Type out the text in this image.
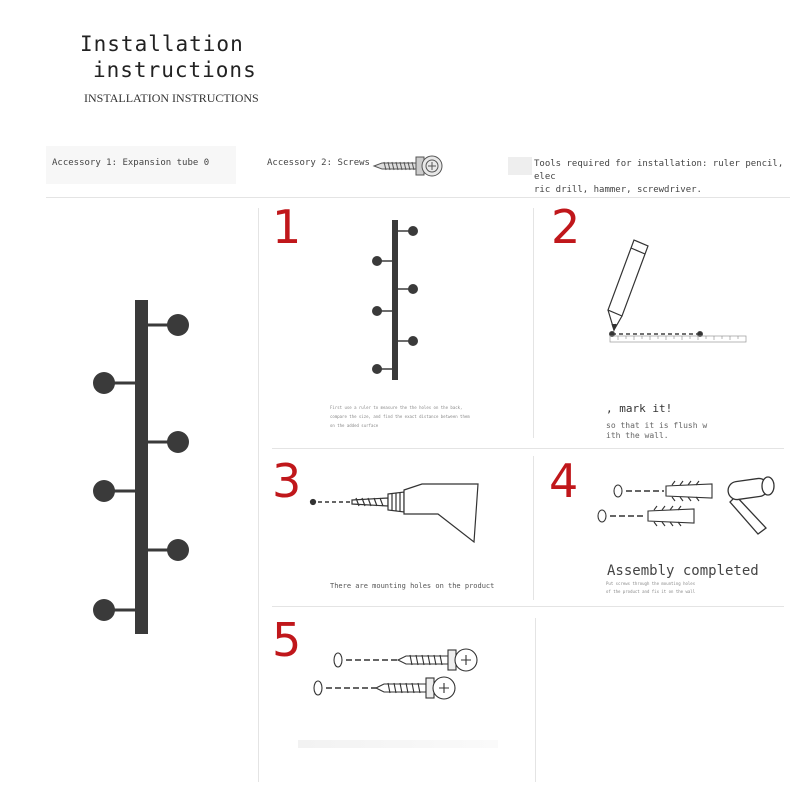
Installation
instructions
INSTALLATION INSTRUCTIONS
Accessory 1: Expansion tube 0	Accessory 2: Screws	Tools required for installation: ruler pencil, elec
ric drill, hammer, screwdriver.
1
First use a ruler to measure the the holes on the back, compare the size, and find the exact distance between them on the added surface
2
, mark it!
so that it is flush w
ith the wall.
3
There are mounting holes on the product
4
Assembly completed
Put screws through the mounting holes
of the product and fix it on the wall
5
